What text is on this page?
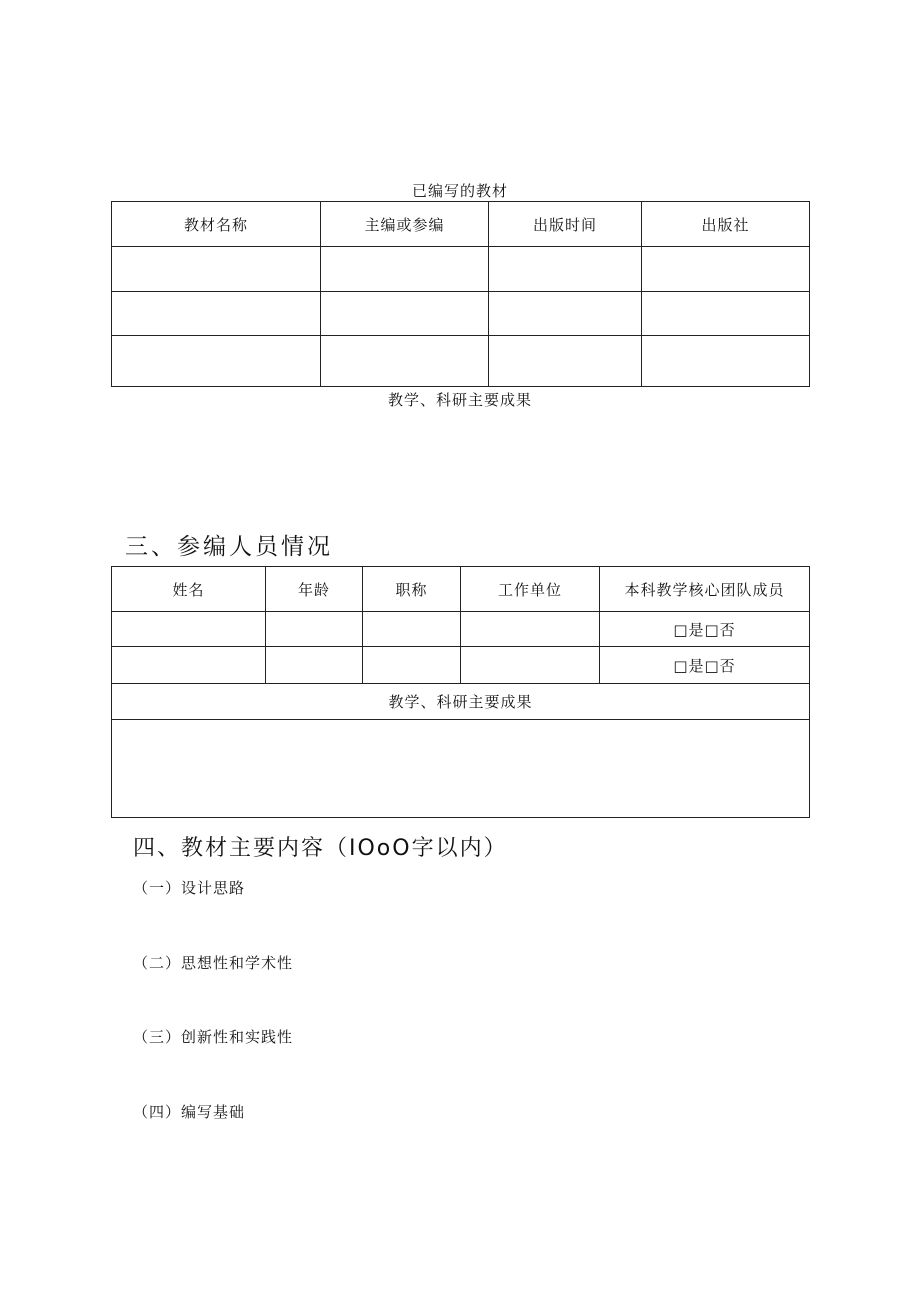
已编写的教材
教材名称	主编或参编	出版时间	出版社

教学、科研主要成果
三、参编人员情况
姓名	年龄	职称	工作单位	本科教学核心团队成员
				□是□否
				□是□否
教学、科研主要成果				

四、教材主要内容（IOoO字以内）
（一）设计思路
（二）思想性和学术性
（三）创新性和实践性
（四）编写基础
